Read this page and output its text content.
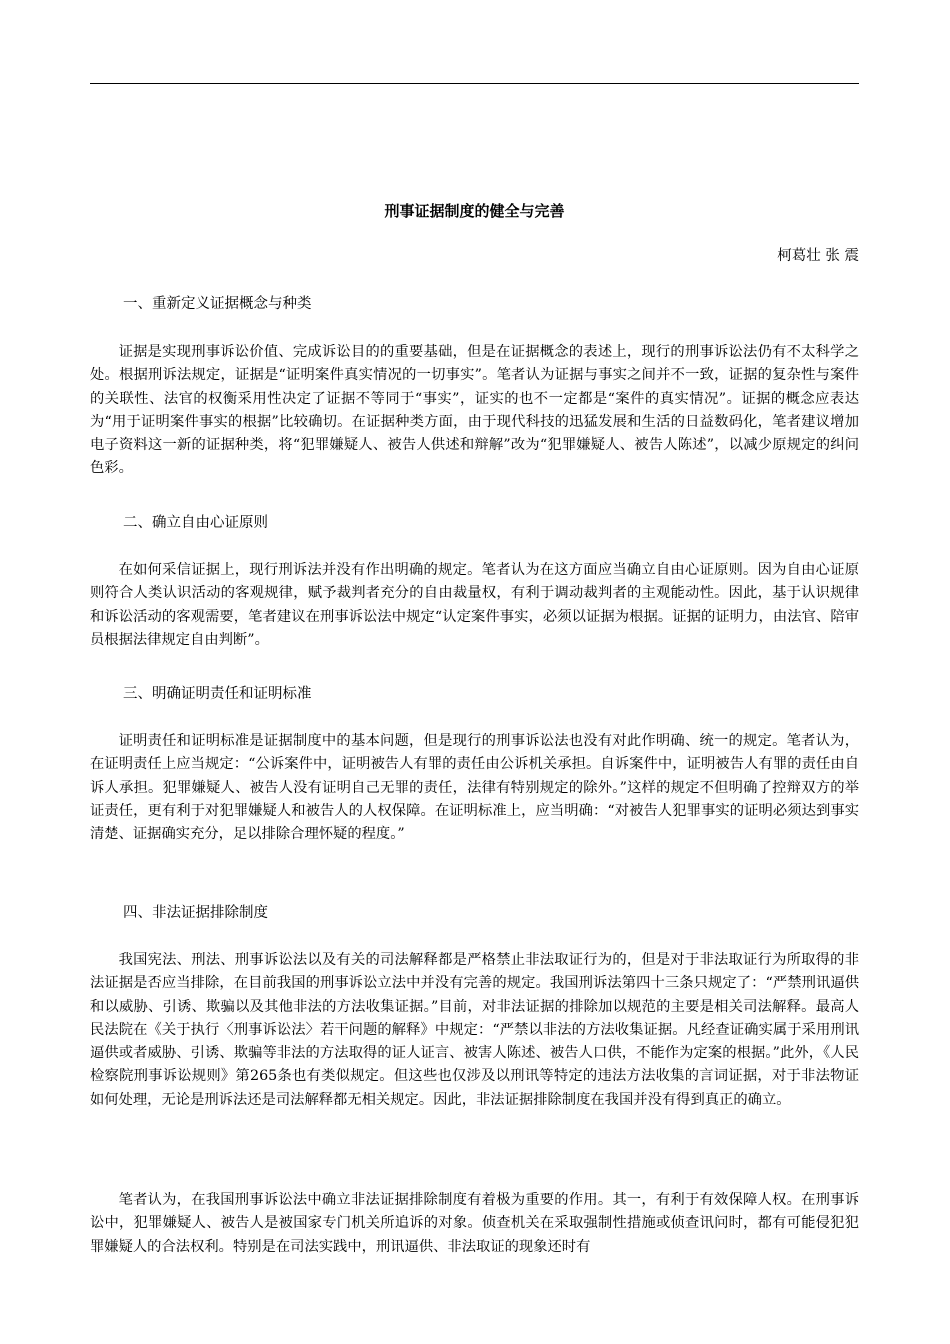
刑事证据制度的健全与完善
柯葛壮 张 震
一、重新定义证据概念与种类
证据是实现刑事诉讼价值、完成诉讼目的的重要基础，但是在证据概念的表述上，现行的刑事诉讼法仍有不太科学之处。根据刑诉法规定，证据是“证明案件真实情况的一切事实”。笔者认为证据与事实之间并不一致，证据的复杂性与案件的关联性、法官的权衡采用性决定了证据不等同于“事实”，证实的也不一定都是“案件的真实情况”。证据的概念应表达为“用于证明案件事实的根据”比较确切。在证据种类方面，由于现代科技的迅猛发展和生活的日益数码化，笔者建议增加电子资料这一新的证据种类，将“犯罪嫌疑人、被告人供述和辩解”改为“犯罪嫌疑人、被告人陈述”，以减少原规定的纠问色彩。
二、确立自由心证原则
在如何采信证据上，现行刑诉法并没有作出明确的规定。笔者认为在这方面应当确立自由心证原则。因为自由心证原则符合人类认识活动的客观规律，赋予裁判者充分的自由裁量权，有利于调动裁判者的主观能动性。因此，基于认识规律和诉讼活动的客观需要，笔者建议在刑事诉讼法中规定“认定案件事实，必须以证据为根据。证据的证明力，由法官、陪审员根据法律规定自由判断”。
三、明确证明责任和证明标准
证明责任和证明标准是证据制度中的基本问题，但是现行的刑事诉讼法也没有对此作明确、统一的规定。笔者认为，在证明责任上应当规定：“公诉案件中，证明被告人有罪的责任由公诉机关承担。自诉案件中，证明被告人有罪的责任由自诉人承担。犯罪嫌疑人、被告人没有证明自己无罪的责任，法律有特别规定的除外。”这样的规定不但明确了控辩双方的举证责任，更有利于对犯罪嫌疑人和被告人的人权保障。在证明标准上，应当明确：“对被告人犯罪事实的证明必须达到事实清楚、证据确实充分，足以排除合理怀疑的程度。”
四、非法证据排除制度
我国宪法、刑法、刑事诉讼法以及有关的司法解释都是严格禁止非法取证行为的，但是对于非法取证行为所取得的非法证据是否应当排除，在目前我国的刑事诉讼立法中并没有完善的规定。我国刑诉法第四十三条只规定了：“严禁刑讯逼供和以威胁、引诱、欺骗以及其他非法的方法收集证据。”目前，对非法证据的排除加以规范的主要是相关司法解释。最高人民法院在《关于执行〈刑事诉讼法〉若干问题的解释》中规定：“严禁以非法的方法收集证据。凡经查证确实属于采用刑讯逼供或者威胁、引诱、欺骗等非法的方法取得的证人证言、被害人陈述、被告人口供，不能作为定案的根据。”此外，《人民检察院刑事诉讼规则》第265条也有类似规定。但这些也仅涉及以刑讯等特定的违法方法收集的言词证据，对于非法物证如何处理，无论是刑诉法还是司法解释都无相关规定。因此，非法证据排除制度在我国并没有得到真正的确立。
笔者认为，在我国刑事诉讼法中确立非法证据排除制度有着极为重要的作用。其一，有利于有效保障人权。在刑事诉讼中，犯罪嫌疑人、被告人是被国家专门机关所追诉的对象。侦查机关在采取强制性措施或侦查讯问时，都有可能侵犯犯罪嫌疑人的合法权利。特别是在司法实践中，刑讯逼供、非法取证的现象还时有
